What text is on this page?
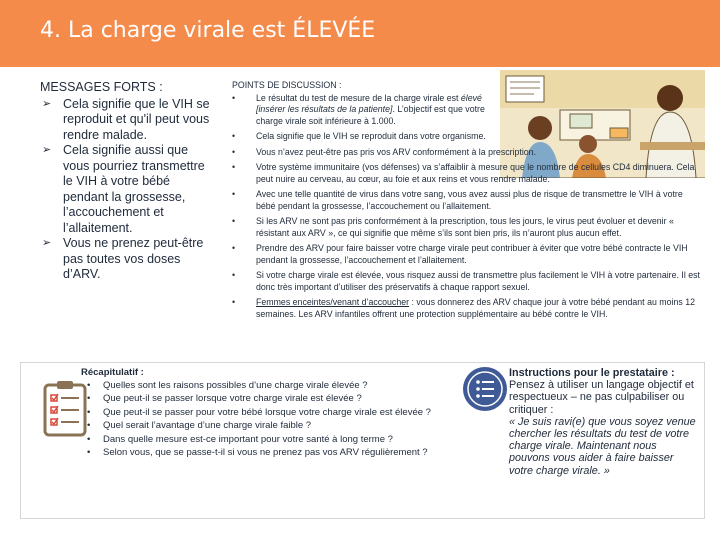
4. La charge virale est ÉLEVÉE
MESSAGES FORTS :
➢ Cela signifie que le VIH se reproduit et qu'il peut vous rendre malade.
➢ Cela signifie aussi que vous pourriez transmettre le VIH à votre bébé pendant la grossesse, l’accouchement et l’allaitement.
➢ Vous ne prenez peut-être pas toutes vos doses d’ARV.
POINTS DE DISCUSSION :
• Le résultat du test de mesure de la charge virale est élevé
[insérer les résultats de la patiente]. L’objectif est que votre charge virale soit inférieure à 1.000.
• Cela signifie que le VIH se reproduit dans votre organisme.
• Vous n’avez peut-être pas pris vos ARV conformément à la prescription.
• Votre système immunitaire (vos défenses) va s’affaiblir à mesure que le nombre de cellules CD4 diminuera. Cela peut nuire au cerveau, au cœur, au foie et aux reins et vous rendre malade.
• Avec une telle quantité de virus dans votre sang, vous avez aussi plus de risque de transmettre le VIH à votre bébé pendant la grossesse, l’accouchement ou l’allaitement.
• Si les ARV ne sont pas pris conformément à la prescription, tous les jours, le virus peut évoluer et devenir « résistant aux ARV », ce qui signifie que même s’ils sont bien pris, ils n’auront plus aucun effet.
• Prendre des ARV pour faire baisser votre charge virale peut contribuer à éviter que votre bébé contracte le VIH pendant la grossesse, l’accouchement et l’allaitement.
• Si votre charge virale est élevée, vous risquez aussi de transmettre plus facilement le VIH à votre partenaire. Il est donc très important d’utiliser des préservatifs à chaque rapport sexuel.
• Femmes enceintes/venant d’accoucher : vous donnerez des ARV chaque jour à votre bébé pendant au moins 12 semaines. Les ARV infantiles offrent une protection supplémentaire au bébé contre le VIH.
Récapitulatif :
• Quelles sont les raisons possibles d’une charge virale élevée ?
• Que peut-il se passer lorsque votre charge virale est élevée ?
• Que peut-il se passer pour votre bébé lorsque votre charge virale est élevée ?
• Quel serait l’avantage d’une charge virale faible ?
• Dans quelle mesure est-ce important pour votre santé à long terme ?
• Selon vous, que se passe-t-il si vous ne prenez pas vos ARV régulièrement ?
Instructions pour le prestataire :
Pensez à utiliser un langage objectif et respectueux – ne pas culpabiliser ou critiquer :
« Je suis ravi(e) que vous soyez venue chercher les résultats du test de votre charge virale. Maintenant nous pouvons vous aider à faire baisser votre charge virale. »
